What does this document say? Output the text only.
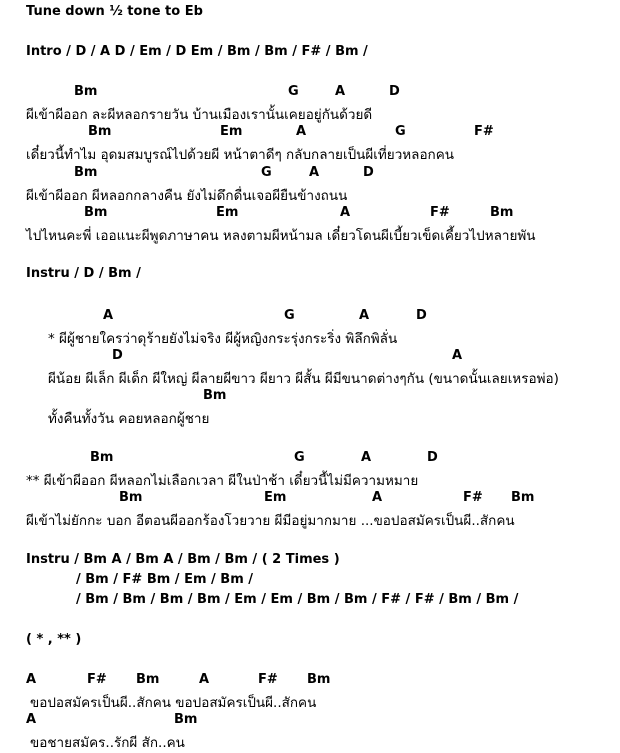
Tune down ½ tone to Eb
Intro / D / A D / Em / D Em / Bm / Bm / F# / Bm /
Bm	G	A	D
ผีเข้าผีออก ละผีหลอกรายวัน บ้านเมืองเรานั้นเคยอยู่กันด้วยดี
Bm	Em	A	G	F#
เดี๋ยวนี้ทำไม อุดมสมบูรณ์ไปด้วยผี หน้าตาดีๆ กลับกลายเป็นผีเที่ยวหลอกคน
Bm	G	A	D
ผีเข้าผีออก ผีหลอกกลางคืน ยังไม่ดึกดื่นเจอผียืนข้างถนน
Bm	Em	A	F#	Bm
ไปไหนคะพี่ เออแนะผีพูดภาษาคน หลงตามผีหน้ามล เดี๋ยวโดนผีเบี้ยวเข็ดเคี้ยวไปหลายพัน
Instru / D / Bm /
A	G	A	D
* ผีผู้ชายใครว่าดุร้ายยังไม่จริง ผีผู้หญิงกระรุ่งกระริ่ง พิลึกพิลั่น
D	A
ผีน้อย ผีเล็ก ผีเด็ก ผีใหญ่ ผีลายผีขาว ผียาว ผีสั้น ผีมีขนาดต่างๆกัน (ขนาดนั้นเลยเหรอพ่อ)
Bm
ทั้งคืนทั้งวัน คอยหลอกผู้ชาย
Bm	G	A	D
** ผีเข้าผีออก ผีหลอกไม่เลือกเวลา ผีในป่าช้า เดี๋ยวนี้ไม่มีความหมาย
Bm	Em	A	F# Bm
ผีเข้าไม่ยักกะ บอก อีตอนผีออกร้องโวยวาย ผีมีอยู่มากมาย ...ขอปอสมัครเป็นผี..สักคน
Instru / Bm A / Bm A / Bm / Bm / ( 2 Times )
/ Bm / F# Bm / Em / Bm /
/ Bm / Bm / Bm / Bm / Em / Em / Bm / Bm / F# / F# / Bm / Bm /
( * , ** )
A	F# Bm	A	F# Bm
ขอปอสมัครเป็นผี..สักคน ขอปอสมัครเป็นผี..สักคน
A	Bm
ขอชายสมัคร..รักผี สัก..คน
